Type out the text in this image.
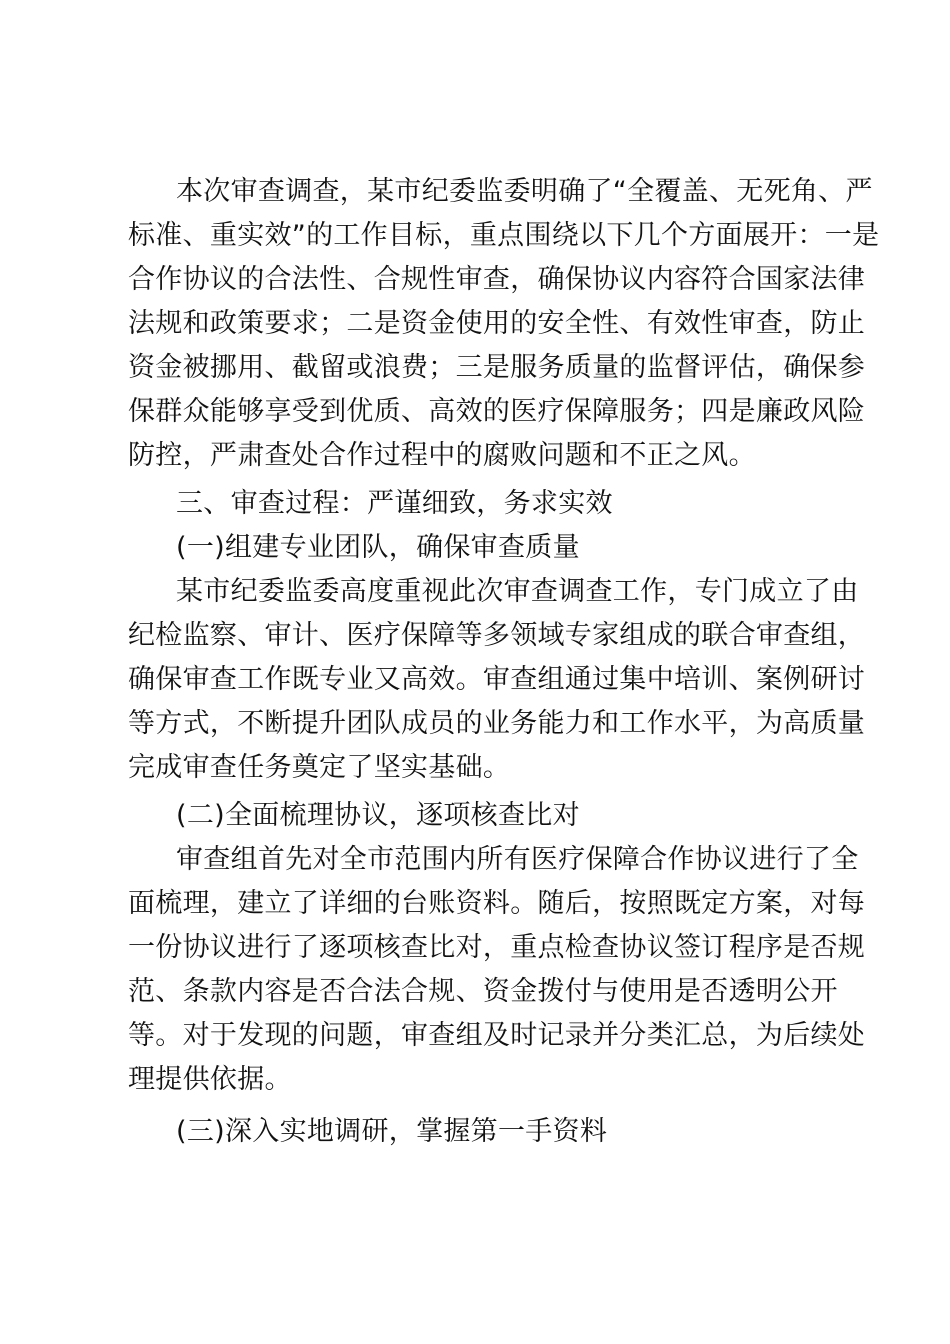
本次审查调查，某市纪委监委明确了“全覆盖、无死角、严
标准、重实效”的工作目标，重点围绕以下几个方面展开：一是
合作协议的合法性、合规性审查，确保协议内容符合国家法律
法规和政策要求；二是资金使用的安全性、有效性审查，防止
资金被挪用、截留或浪费；三是服务质量的监督评估，确保参
保群众能够享受到优质、高效的医疗保障服务；四是廉政风险
防控，严肃查处合作过程中的腐败问题和不正之风。
三、审查过程：严谨细致，务求实效
(一)组建专业团队，确保审查质量
某市纪委监委高度重视此次审查调查工作，专门成立了由
纪检监察、审计、医疗保障等多领域专家组成的联合审查组，
确保审查工作既专业又高效。审查组通过集中培训、案例研讨
等方式，不断提升团队成员的业务能力和工作水平，为高质量
完成审查任务奠定了坚实基础。
(二)全面梳理协议，逐项核查比对
审查组首先对全市范围内所有医疗保障合作协议进行了全
面梳理，建立了详细的台账资料。随后，按照既定方案，对每
一份协议进行了逐项核查比对，重点检查协议签订程序是否规
范、条款内容是否合法合规、资金拨付与使用是否透明公开
等。对于发现的问题，审查组及时记录并分类汇总，为后续处
理提供依据。
(三)深入实地调研，掌握第一手资料
